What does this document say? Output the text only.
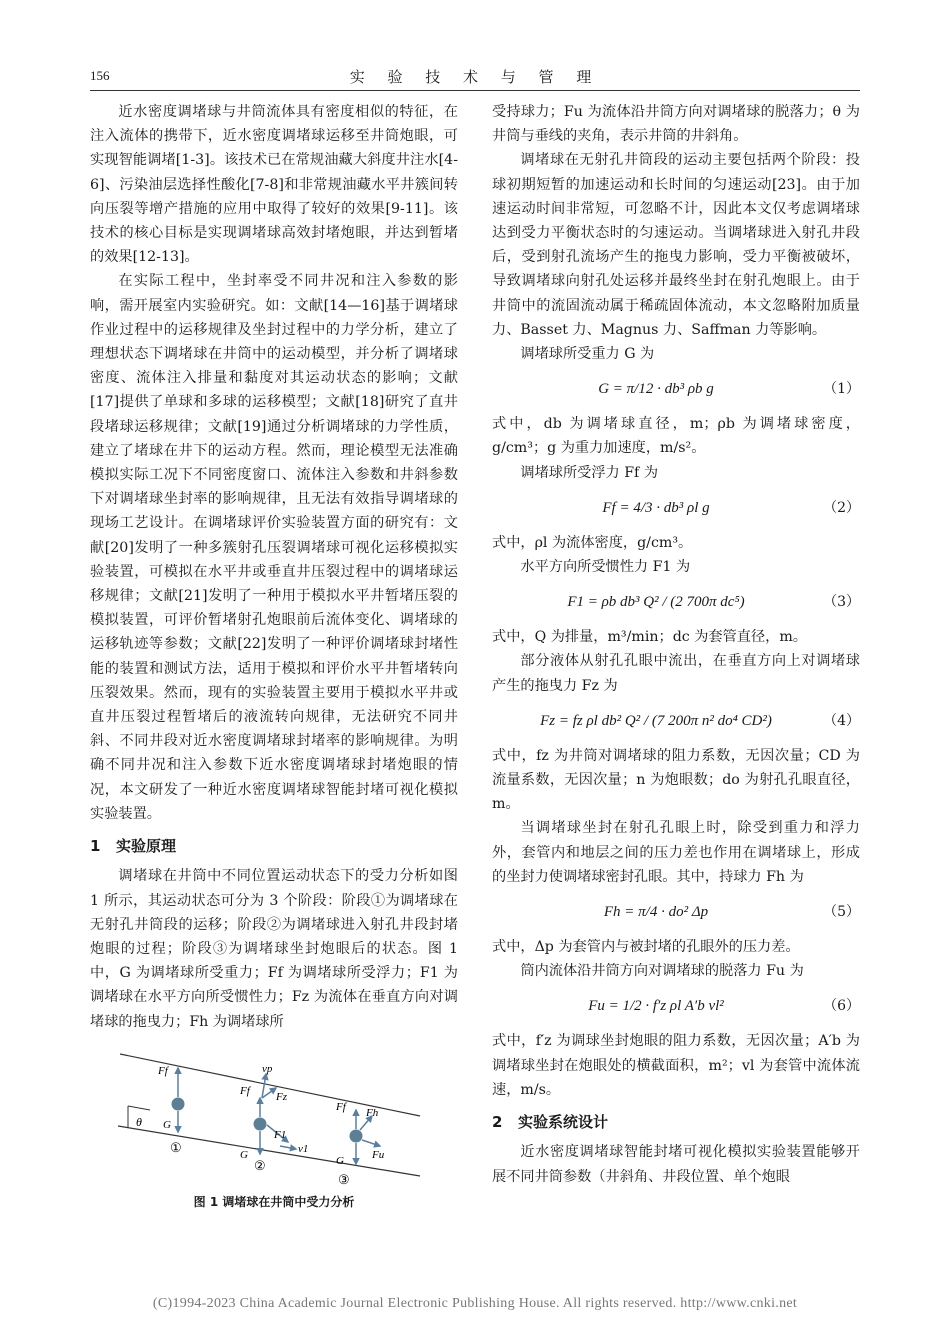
156	实 验 技 术 与 管 理

近水密度调堵球与井筒流体具有密度相似的特征，在注入流体的携带下，近水密度调堵球运移至井筒炮眼，可实现智能调堵[1-3]。该技术已在常规油藏大斜度井注水[4-6]、污染油层选择性酸化[7-8]和非常规油藏水平井簇间转向压裂等增产措施的应用中取得了较好的效果[9-11]。该技术的核心目标是实现调堵球高效封堵炮眼，并达到暂堵的效果[12-13]。

在实际工程中，坐封率受不同井况和注入参数的影响，需开展室内实验研究。如：文献[14—16]基于调堵球作业过程中的运移规律及坐封过程中的力学分析，建立了理想状态下调堵球在井筒中的运动模型，并分析了调堵球密度、流体注入排量和黏度对其运动状态的影响；文献[17]提供了单球和多球的运移模型；文献[18]研究了直井段堵球运移规律；文献[19]通过分析调堵球的力学性质，建立了堵球在井下的运动方程。然而，理论模型无法准确模拟实际工况下不同密度窗口、流体注入参数和井斜参数下对调堵球坐封率的影响规律，且无法有效指导调堵球的现场工艺设计。在调堵球评价实验装置方面的研究有：文献[20]发明了一种多簇射孔压裂调堵球可视化运移模拟实验装置，可模拟在水平井或垂直井压裂过程中的调堵球运移规律；文献[21]发明了一种用于模拟水平井暂堵压裂的模拟装置，可评价暂堵射孔炮眼前后流体变化、调堵球的运移轨迹等参数；文献[22]发明了一种评价调堵球封堵性能的装置和测试方法，适用于模拟和评价水平井暂堵转向压裂效果。然而，现有的实验装置主要用于模拟水平井或直井压裂过程暂堵后的液流转向规律，无法研究不同井斜、不同井段对近水密度调堵球封堵率的影响规律。为明确不同井况和注入参数下近水密度调堵球封堵炮眼的情况，本文研发了一种近水密度调堵球智能封堵可视化模拟实验装置。

1 实验原理

调堵球在井筒中不同位置运动状态下的受力分析如图 1 所示，其运动状态可分为 3 个阶段：阶段①为调堵球在无射孔井筒段的运移；阶段②为调堵球进入射孔井段封堵炮眼的过程；阶段③为调堵球坐封炮眼后的状态。图 1 中，G 为调堵球所受重力；Ff 为调堵球所受浮力；F1 为调堵球在水平方向所受惯性力；Fz 为流体在垂直方向对调堵球的拖曳力；Fh 为调堵球所

θ
Ff
G
①
vp
Ff Fz
F1
v1
G
②
Ff Fh
Fu
G
③
图 1 调堵球在井筒中受力分析

受持球力；Fu 为流体沿井筒方向对调堵球的脱落力；θ 为井筒与垂线的夹角，表示井筒的井斜角。

调堵球在无射孔井筒段的运动主要包括两个阶段：投球初期短暂的加速运动和长时间的匀速运动[23]。由于加速运动时间非常短，可忽略不计，因此本文仅考虑调堵球达到受力平衡状态时的匀速运动。当调堵球进入射孔井段后，受到射孔流场产生的拖曳力影响，受力平衡被破坏，导致调堵球向射孔处运移并最终坐封在射孔炮眼上。由于井筒中的流固流动属于稀疏固体流动，本文忽略附加质量力、Basset 力、Magnus 力、Saffman 力等影响。

调堵球所受重力 G 为

G = π/12 · db³ ρb g	（1）

式中，db 为调堵球直径，m；ρb 为调堵球密度，g/cm³；g 为重力加速度，m/s²。

调堵球所受浮力 Ff 为

Ff = 4/3 · db³ ρl g	（2）

式中，ρl 为流体密度，g/cm³。

水平方向所受惯性力 F1 为

F1 = ρb db³ Q² / (2 700π dc⁵)	（3）

式中，Q 为排量，m³/min；dc 为套管直径，m。

部分液体从射孔孔眼中流出，在垂直方向上对调堵球产生的拖曳力 Fz 为

Fz = fz ρl db² Q² / (7 200π n² do⁴ CD²)	（4）

式中，fz 为井筒对调堵球的阻力系数，无因次量；CD 为流量系数，无因次量；n 为炮眼数；do 为射孔孔眼直径，m。

当调堵球坐封在射孔孔眼上时，除受到重力和浮力外，套管内和地层之间的压力差也作用在调堵球上，形成的坐封力使调堵球密封孔眼。其中，持球力 Fh 为

Fh = π/4 · do² Δp	（5）

式中，Δp 为套管内与被封堵的孔眼外的压力差。

筒内流体沿井筒方向对调堵球的脱落力 Fu 为

Fu = 1/2 · f′z ρl A′b vl²	（6）

式中，f′z 为调球坐封炮眼的阻力系数，无因次量；A′b 为调堵球坐封在炮眼处的横截面积，m²；vl 为套管中流体流速，m/s。

2 实验系统设计

近水密度调堵球智能封堵可视化模拟实验装置能够开展不同井筒参数（井斜角、井段位置、单个炮眼

(C)1994-2023 China Academic Journal Electronic Publishing House. All rights reserved. http://www.cnki.net
